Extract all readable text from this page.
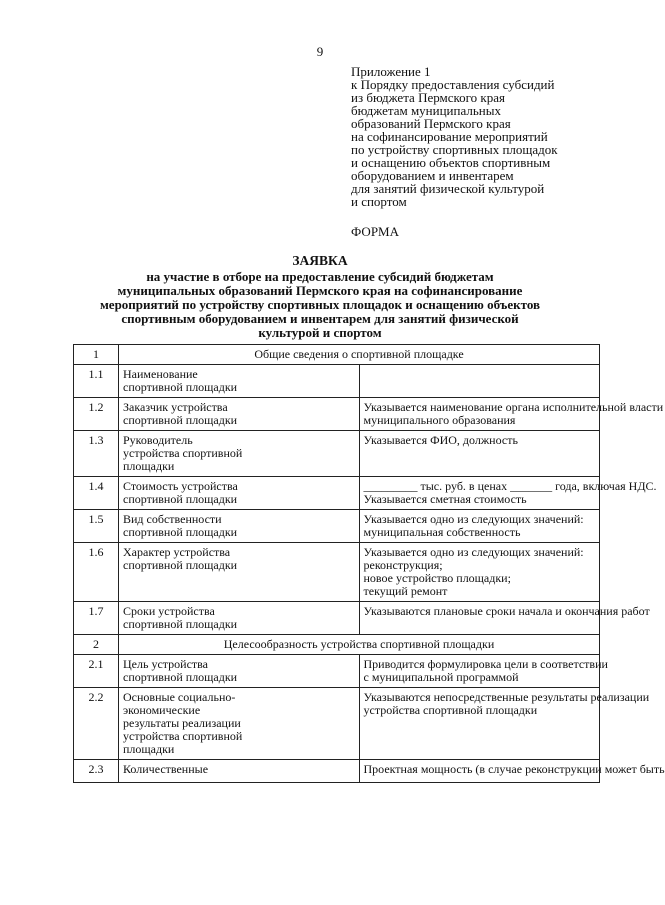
9
Приложение 1
к Порядку предоставления субсидий
из бюджета Пермского края
бюджетам муниципальных
образований Пермского края
на софинансирование мероприятий
по устройству спортивных площадок
и оснащению объектов спортивным
оборудованием и инвентарем
для занятий физической культурой
и спортом
ФОРМА
ЗАЯВКА
на участие в отборе на предоставление субсидий бюджетам
муниципальных образований Пермского края на софинансирование
мероприятий по устройству спортивных площадок и оснащению объектов
спортивным оборудованием и инвентарем для занятий физической
культурой и спортом
1	Общие сведения о спортивной площадке	
1.1	Наименование
спортивной площадки	

1.2	Заказчик устройства
спортивной площадки	Указывается наименование органа исполнительной власти
муниципального образования

1.3	Руководитель
устройства спортивной
площадки	Указывается ФИО, должность

1.4	Стоимость устройства
спортивной площадки	_________ тыс. руб. в ценах _______ года, включая НДС.
Указывается сметная стоимость

1.5	Вид собственности
спортивной площадки	Указывается одно из следующих значений:
муниципальная собственность

1.6	Характер устройства
спортивной площадки	Указывается одно из следующих значений:
реконструкция;
новое устройство площадки;
текущий ремонт

1.7	Сроки устройства
спортивной площадки	Указываются плановые сроки начала и окончания работ

2	Целесообразность устройства спортивной площадки	
2.1	Цель устройства
спортивной площадки	Приводится формулировка цели в соответствии
с муниципальной программой

2.2	Основные социально-
экономические
результаты реализации
устройства спортивной
площадки	Указываются непосредственные результаты реализации
устройства спортивной площадки

2.3	Количественные	Проектная мощность (в случае реконструкции может быть
